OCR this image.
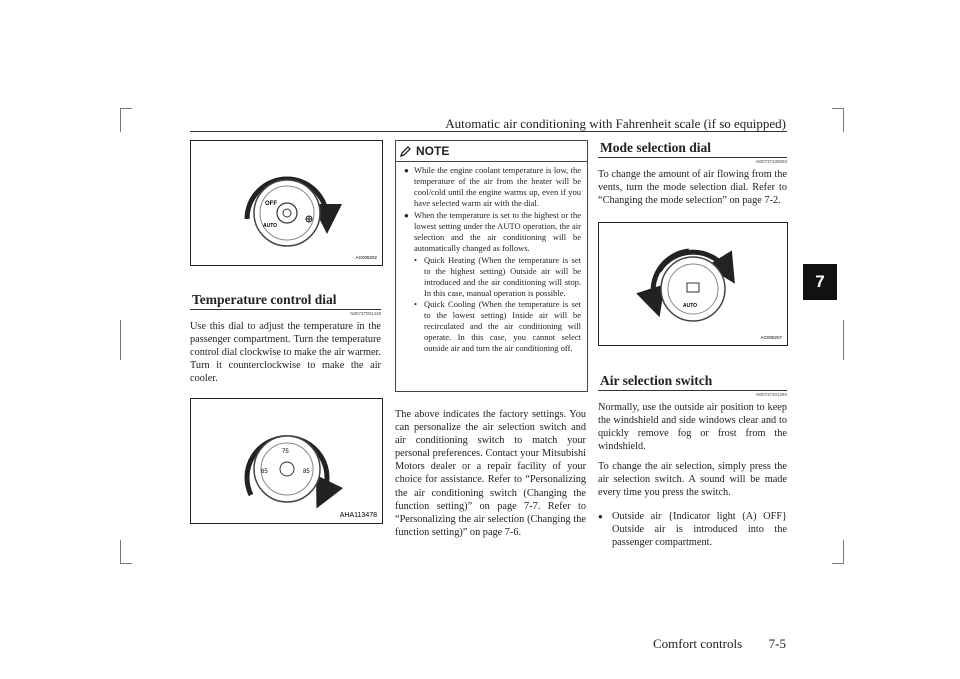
Automatic air conditioning with Fahrenheit scale (if so equipped)
7
OFF
AUTO
AG008202
Temperature control dial
N00737001419
Use this dial to adjust the temperature in the passenger compartment. Turn the temperature control dial clockwise to make the air warmer. Turn it counterclockwise to make the air cooler.
65
75
85
AHA113478
NOTE
● While the engine coolant temperature is low, the temperature of the air from the heater will be cool/cold until the engine warms up, even if you have selected warm air with the dial.
● When the temperature is set to the highest or the lowest setting under the AUTO operation, the air selection and the air conditioning will be automatically changed as follows.
• Quick Heating (When the temperature is set to the highest setting) Outside air will be introduced and the air conditioning will stop. In this case, manual operation is possible.
• Quick Cooling (When the temperature is set to the lowest setting) Inside air will be recirculated and the air conditioning will operate. In this case, you cannot select outside air and turn the air conditioning off.
The above indicates the factory settings. You can personalize the air selection switch and air conditioning switch to match your personal preferences. Contact your Mitsubishi Motors dealer or a repair facility of your choice for assistance. Refer to “Personalizing the air conditioning switch (Changing the function setting)” on page 7-7. Refer to “Personalizing the air selection (Changing the function setting)” on page 7-6.
Mode selection dial
N00737100093
To change the amount of air flowing from the vents, turn the mode selection dial. Refer to “Changing the mode selection” on page 7-2.
AUTO
AG008207
Air selection switch
N00737201394
Normally, use the outside air position to keep the windshield and side windows clear and to quickly remove fog or frost from the windshield.
To change the air selection, simply press the air selection switch. A sound will be made every time you press the switch.
● Outside air {Indicator light (A) OFF} Outside air is introduced into the passenger compartment.
Comfort controls 7-5
